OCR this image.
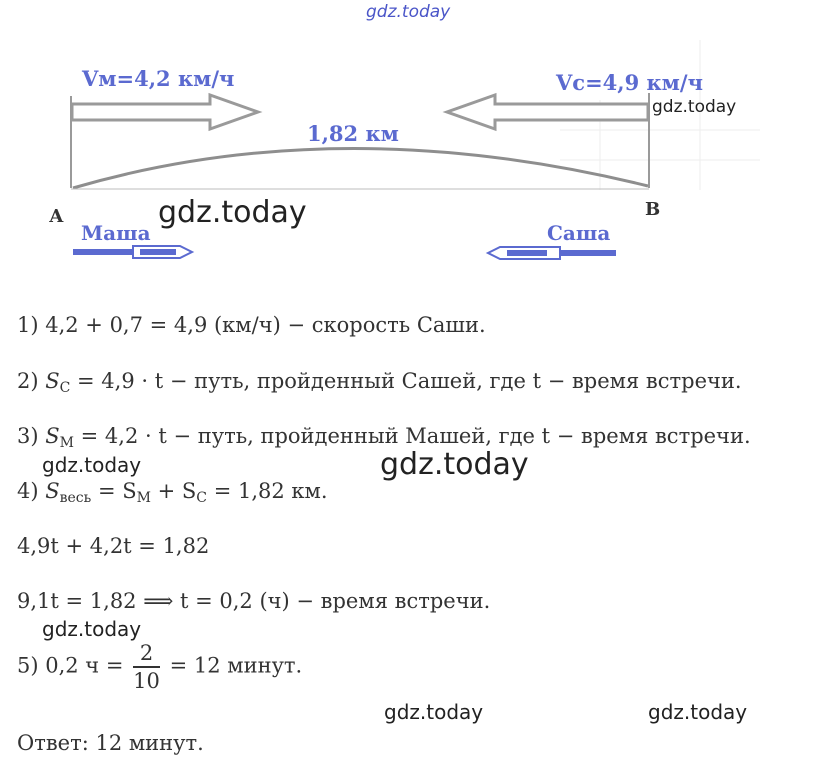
Vм=4,2 км/ч	Vс=4,9 км/ч
1,82 км
А	В
Маша	Саша
gdz.today
gdz.today
gdz.today
gdz.today	gdz.today
gdz.today
gdz.today	gdz.today
1) 4,2 + 0,7 = 4,9 (км/ч) − скорость Саши.
2) SС = 4,9 · t − путь, пройденный Сашей, где t − время встречи.
3) SМ = 4,2 · t − путь, пройденный Машей, где t − время встречи.
4) Sвесь = SМ + SС = 1,82 км.
4,9t + 4,2t = 1,82
9,1t = 1,82 ⟹ t = 0,2 (ч) − время встречи.
5) 0,2 $ч = \frac{2}{10} = 12$ минут.
Ответ: 12 минут.
